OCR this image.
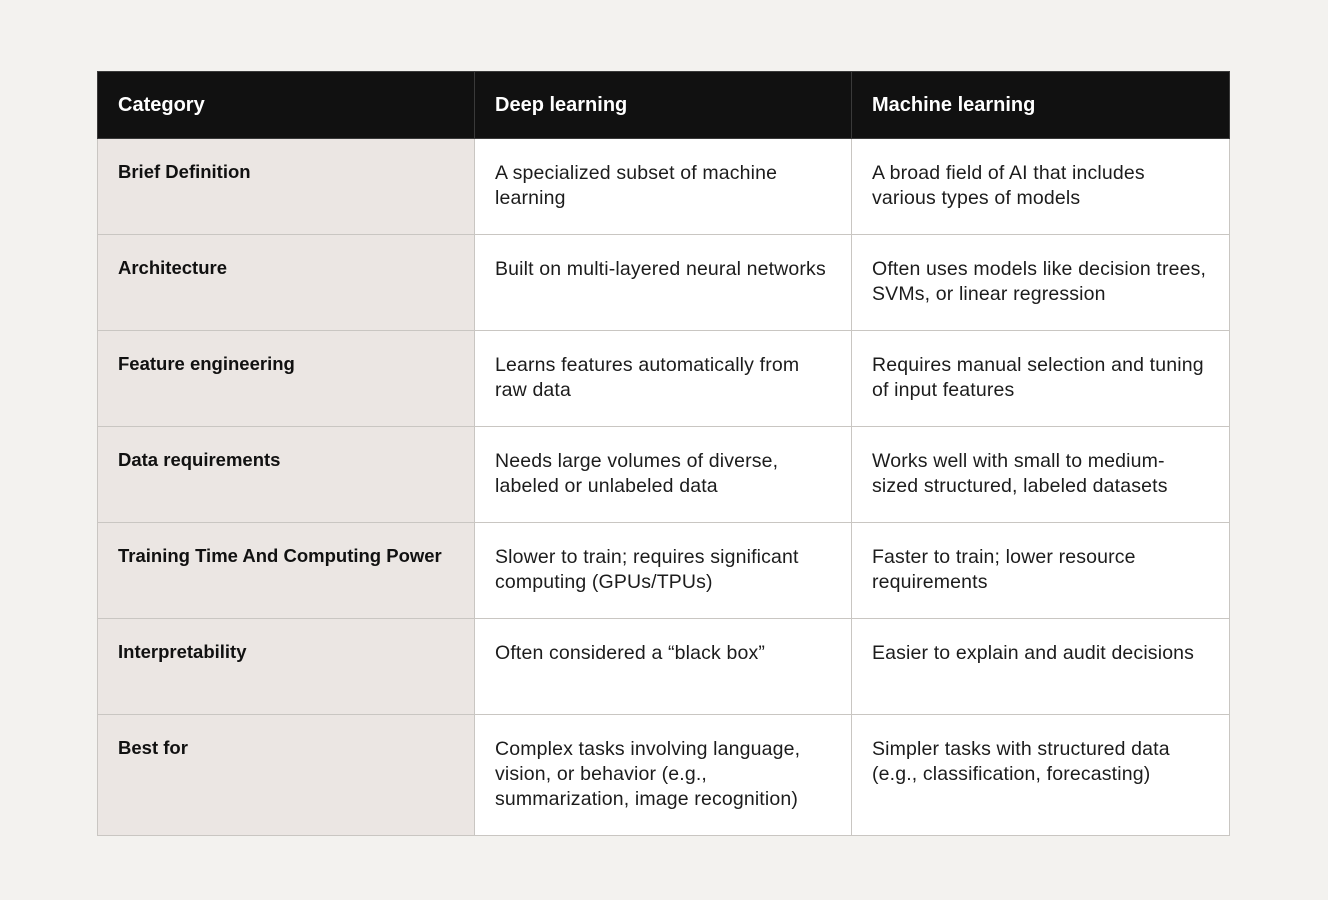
Category	Deep learning	Machine learning
Brief Definition	A specialized subset of machine learning	A broad field of AI that includes various types of models
Architecture	Built on multi-layered neural networks	Often uses models like decision trees, SVMs, or linear regression
Feature engineering	Learns features automatically from raw data	Requires manual selection and tuning of input features
Data requirements	Needs large volumes of diverse, labeled or unlabeled data	Works well with small to medium-sized structured, labeled datasets
Training Time And Computing Power	Slower to train; requires significant computing (GPUs/TPUs)	Faster to train; lower resource requirements
Interpretability	Often considered a “black box”	Easier to explain and audit decisions
Best for	Complex tasks involving language, vision, or behavior (e.g., summarization, image recognition)	Simpler tasks with structured data (e.g., classification, forecasting)
